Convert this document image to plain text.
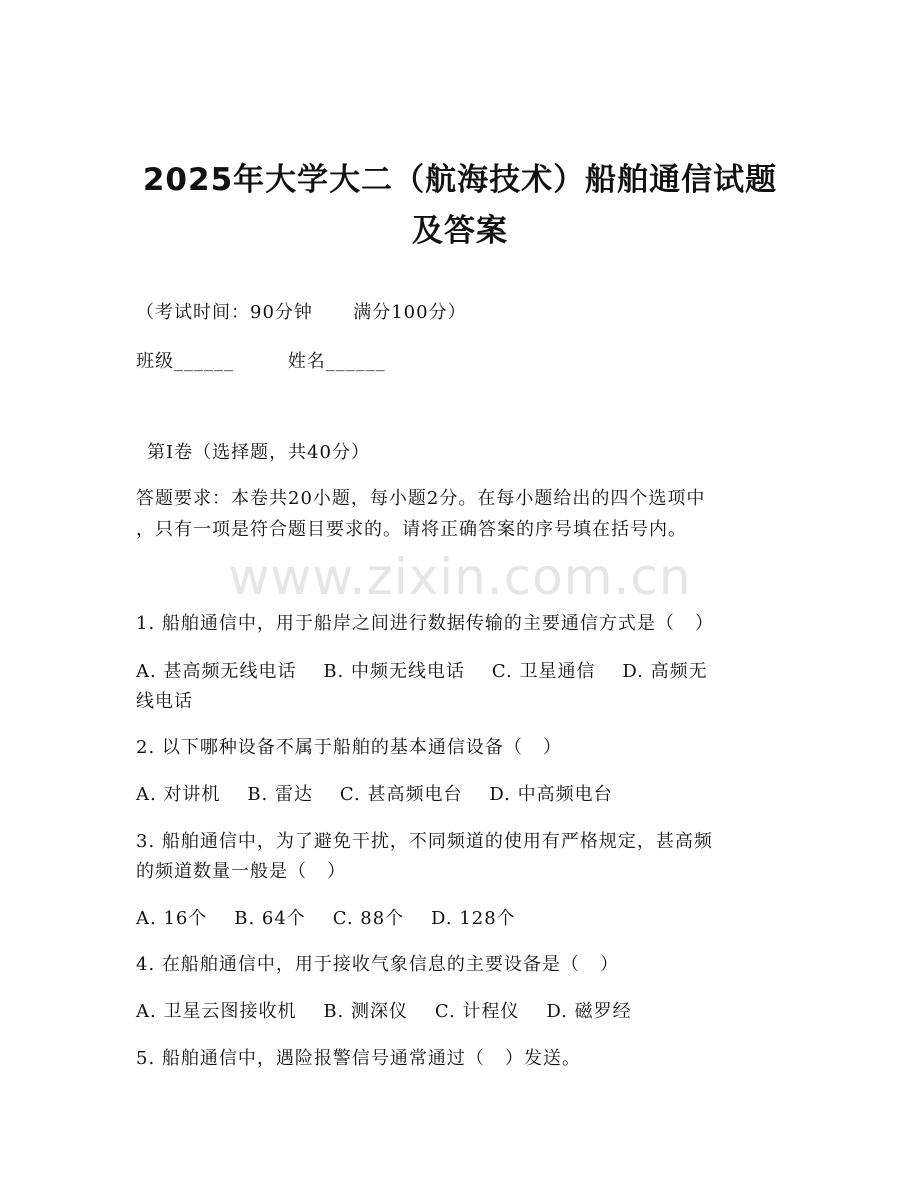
2025年大学大二（航海技术）船舶通信试题
及答案
（考试时间：90分钟      满分100分）
班级______        姓名______
第I卷（选择题，共40分）
答题要求：本卷共20小题，每小题2分。在每小题给出的四个选项中
，只有一项是符合题目要求的。请将正确答案的序号填在括号内。
www.zixin.com.cn
1. 船舶通信中，用于船岸之间进行数据传输的主要通信方式是（   ）
A. 甚高频无线电话    B. 中频无线电话    C. 卫星通信    D. 高频无
线电话
2. 以下哪种设备不属于船舶的基本通信设备（   ）
A. 对讲机    B. 雷达    C. 甚高频电台    D. 中高频电台
3. 船舶通信中，为了避免干扰，不同频道的使用有严格规定，甚高频
的频道数量一般是（   ）
A. 16个    B. 64个    C. 88个    D. 128个
4. 在船舶通信中，用于接收气象信息的主要设备是（   ）
A. 卫星云图接收机    B. 测深仪    C. 计程仪    D. 磁罗经
5. 船舶通信中，遇险报警信号通常通过（   ）发送。
